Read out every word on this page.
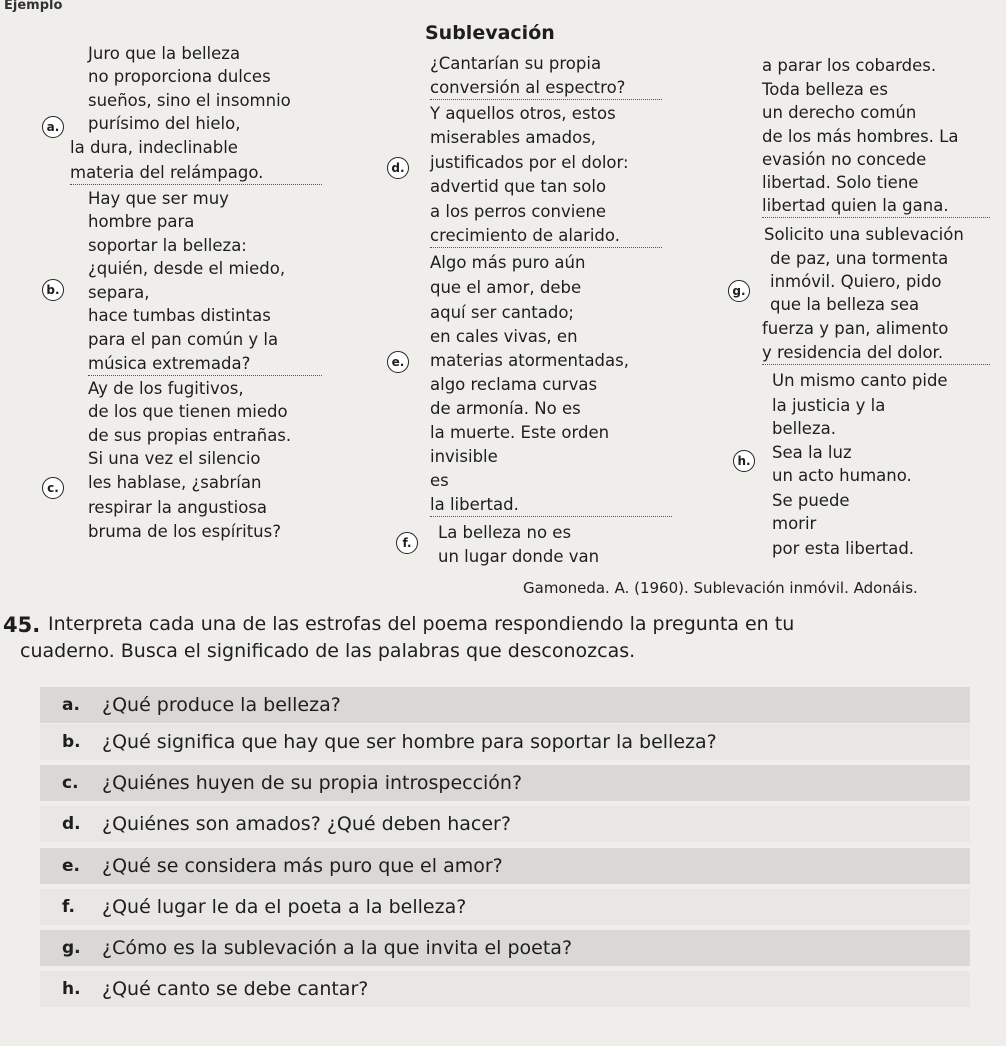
Ejemplo
Sublevación
Juro que la belleza
no proporciona dulces
sueños, sino el insomnio
purísimo del hielo,
la dura, indeclinable
materia del relámpago.
Hay que ser muy
hombre para
soportar la belleza:
¿quién, desde el miedo,
separa,
hace tumbas distintas
para el pan común y la
música extremada?
Ay de los fugitivos,
de los que tienen miedo
de sus propias entrañas.
Si una vez el silencio
les hablase, ¿sabrían
respirar la angustiosa
bruma de los espíritus?
¿Cantarían su propia
conversión al espectro?
Y aquellos otros, estos
miserables amados,
justificados por el dolor:
advertid que tan solo
a los perros conviene
crecimiento de alarido.
Algo más puro aún
que el amor, debe
aquí ser cantado;
en cales vivas, en
materias atormentadas,
algo reclama curvas
de armonía. No es
la muerte. Este orden
invisible
es
la libertad.
La belleza no es
un lugar donde van
a parar los cobardes.
Toda belleza es
un derecho común
de los más hombres. La
evasión no concede
libertad. Solo tiene
libertad quien la gana.
Solicito una sublevación
de paz, una tormenta
inmóvil. Quiero, pido
que la belleza sea
fuerza y pan, alimento
y residencia del dolor.
Un mismo canto pide
la justicia y la
belleza.
Sea la luz
un acto humano.
Se puede
morir
por esta libertad.
a.
b.
c.
d.
e.
f.
g.
h.
Gamoneda. A. (1960). Sublevación inmóvil. Adonáis.
45. Interpreta cada una de las estrofas del poema respondiendo la pregunta en tu
cuaderno. Busca el significado de las palabras que desconozcas.
a.	¿Qué produce la belleza?
b.	¿Qué significa que hay que ser hombre para soportar la belleza?
c.	¿Quiénes huyen de su propia introspección?
d.	¿Quiénes son amados? ¿Qué deben hacer?
e.	¿Qué se considera más puro que el amor?
f.	¿Qué lugar le da el poeta a la belleza?
g.	¿Cómo es la sublevación a la que invita el poeta?
h.	¿Qué canto se debe cantar?
